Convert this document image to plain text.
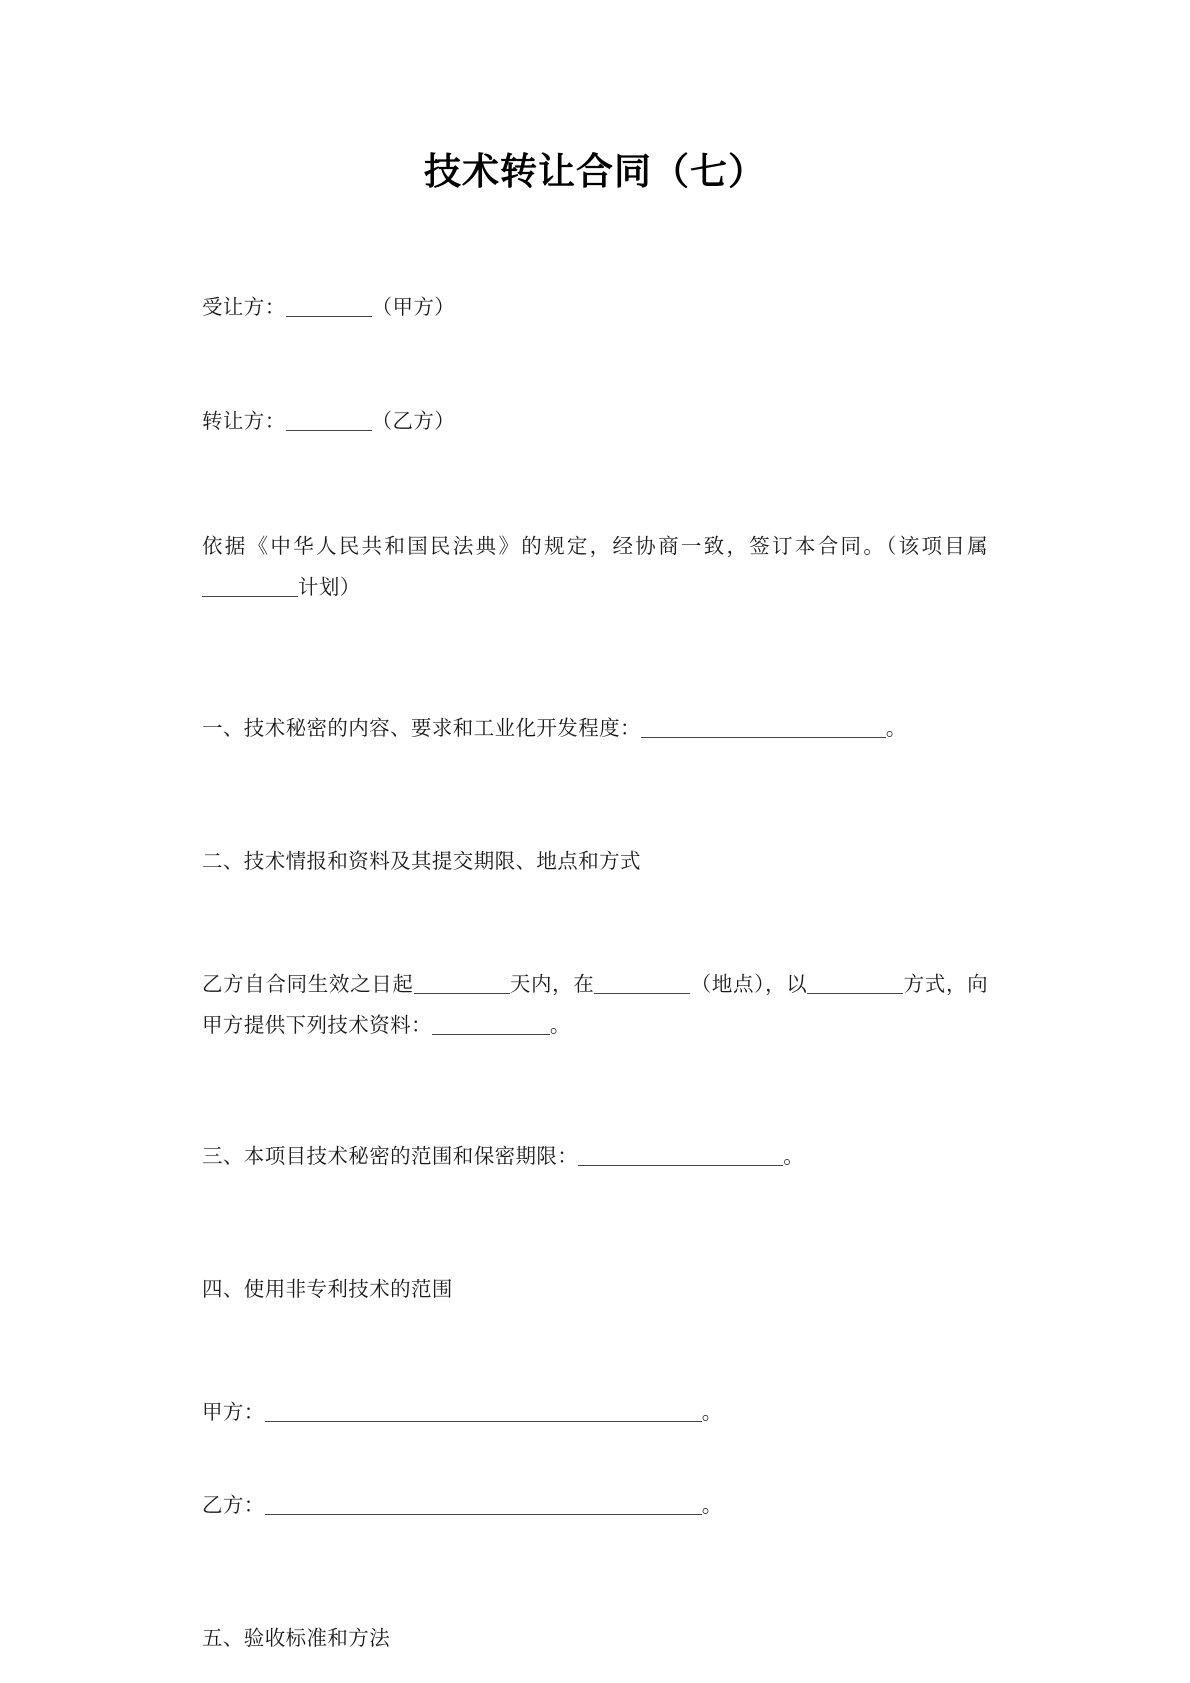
技术转让合同（七）

受让方：	（甲方）

转让方：	（乙方）

依据《中华人民共和国民法典》的规定，经协商一致，签订本合同。（该项目属计划）

一、技术秘密的内容、要求和工业化开发程度：	。

二、技术情报和资料及其提交期限、地点和方式

乙方自合同生效之日起	天内，在	（地点），以	方式，向甲方提供下列技术资料：	。

三、本项目技术秘密的范围和保密期限：	。

四、使用非专利技术的范围

甲方：	。

乙方：	。

五、验收标准和方法
